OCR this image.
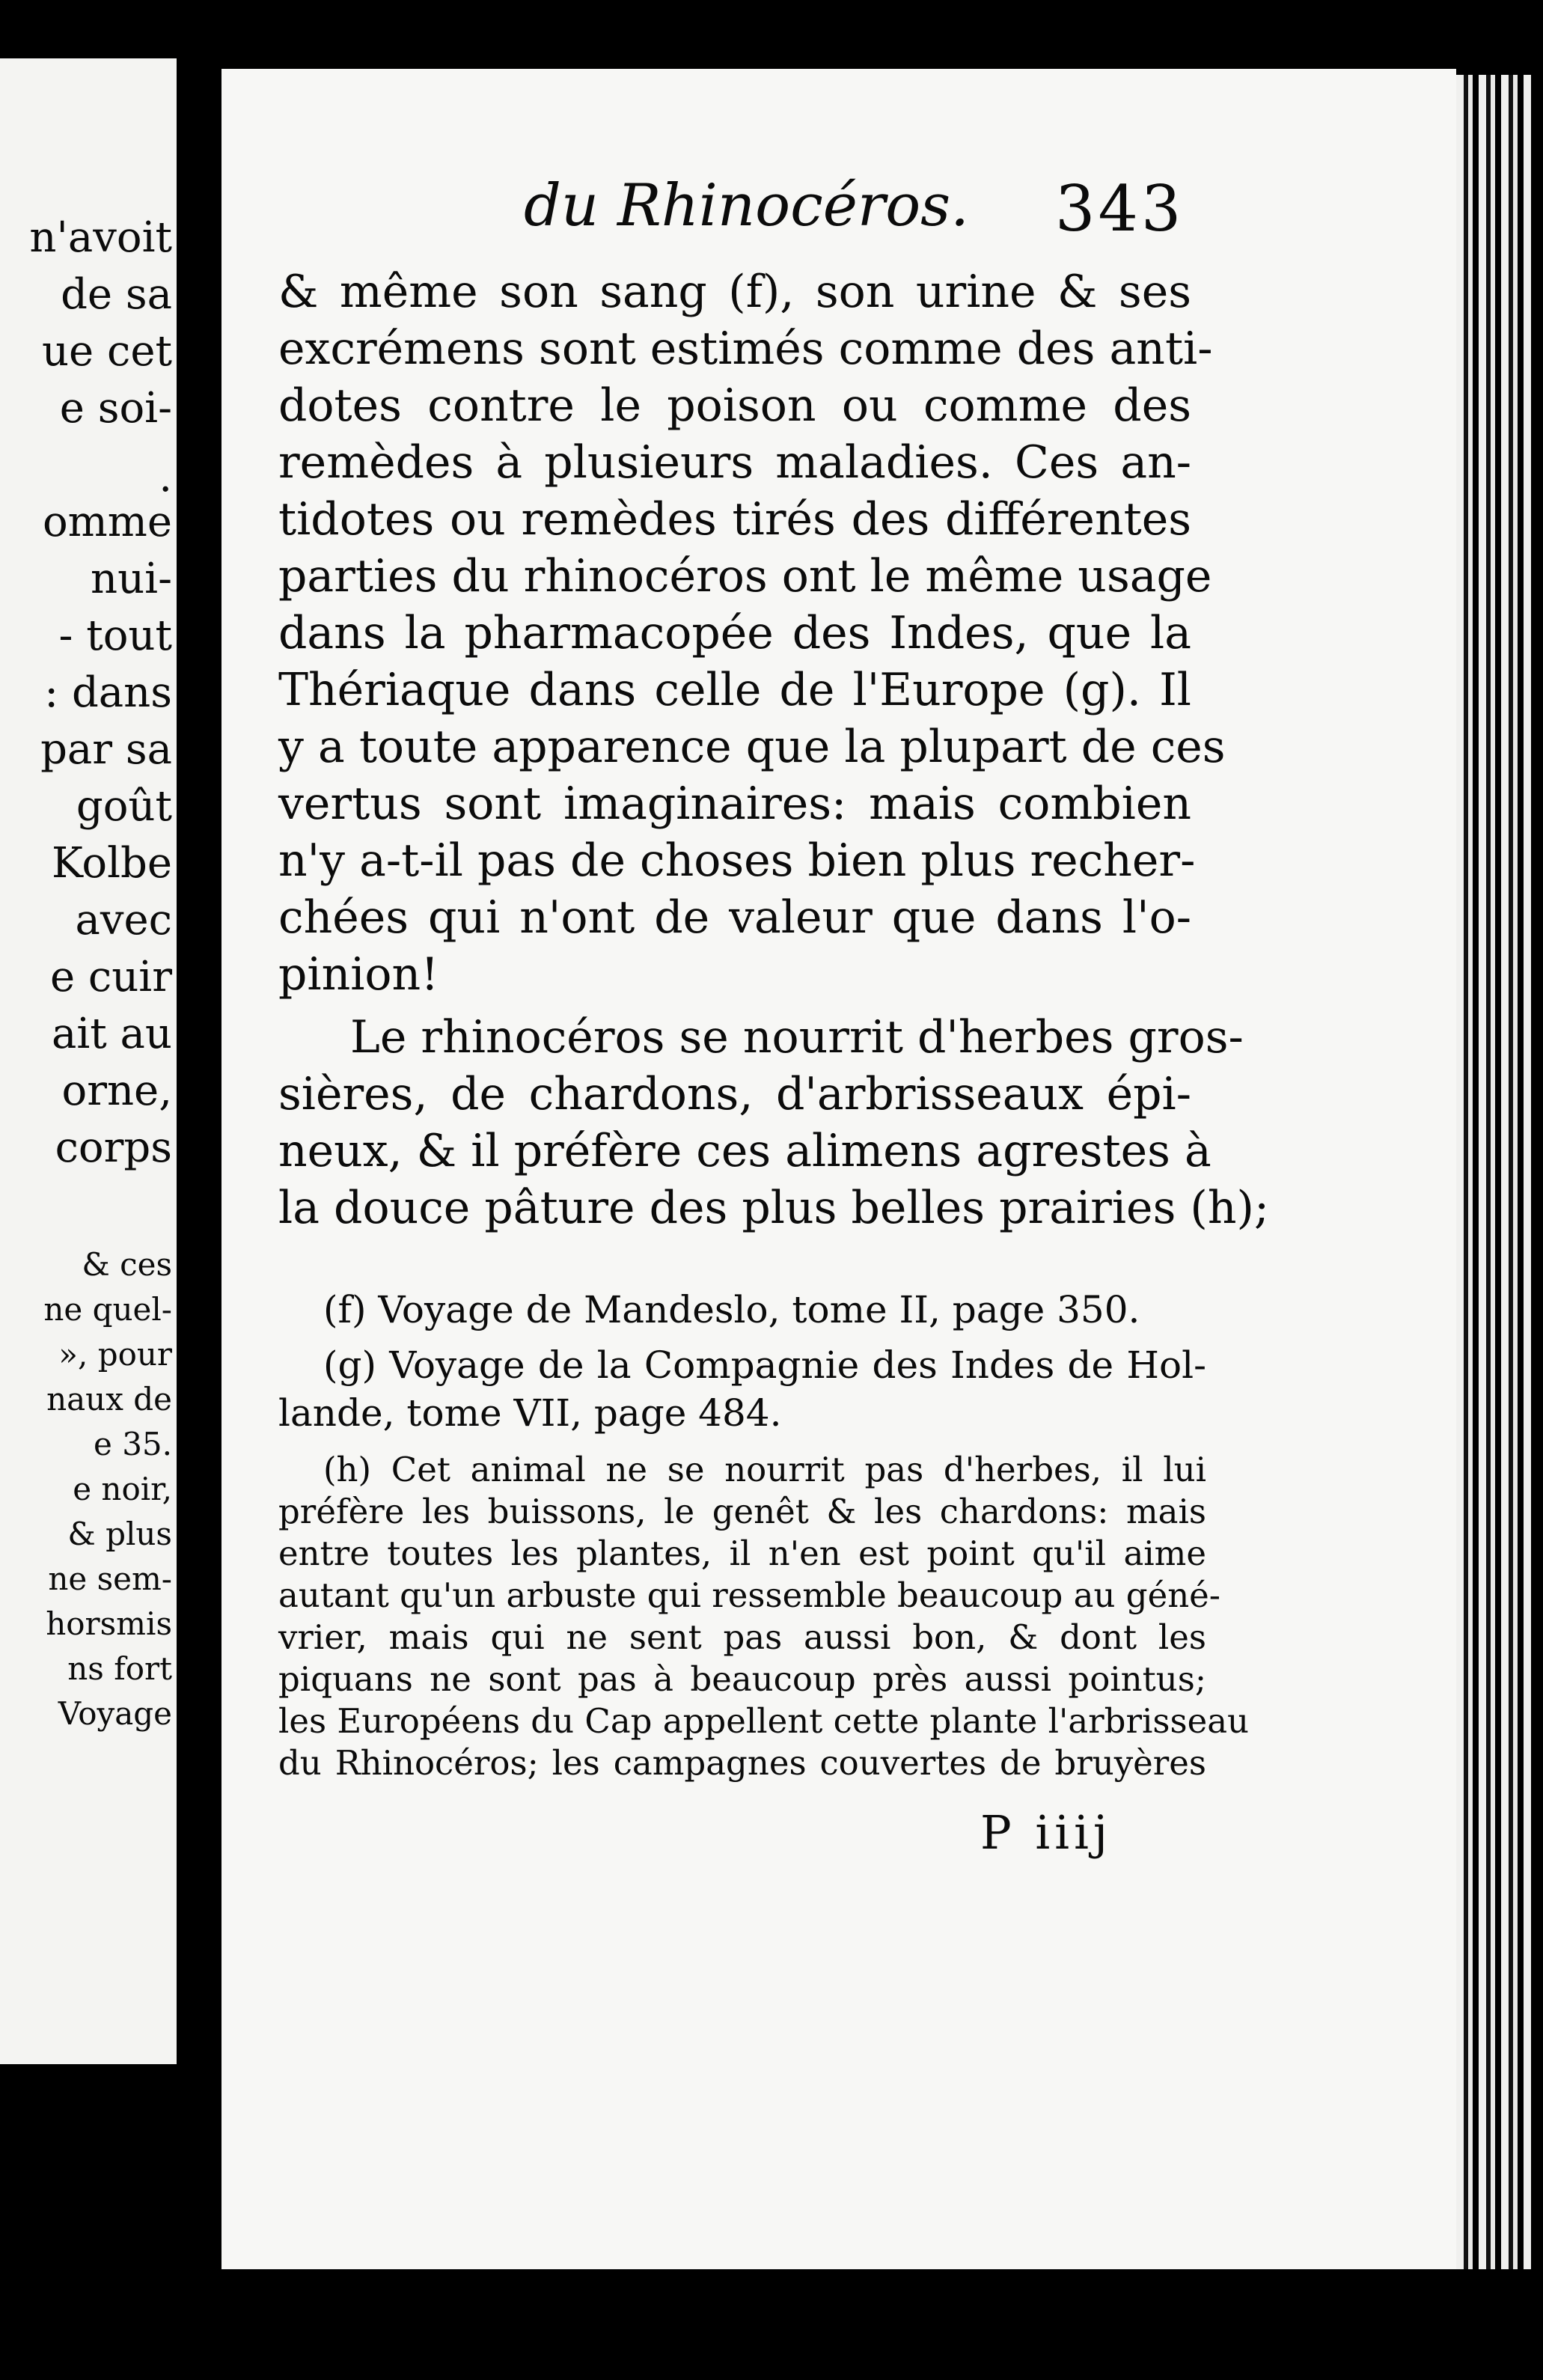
n'avoit
de sa
ue cet
e soi-
.
omme
nui-
- tout
: dans
par sa
goût
Kolbe
avec
e cuir
ait au
orne,
corps
& ces
ne quel-
», pour
naux de
e 35.
e noir,
& plus
ne sem-
horsmis
ns fort
Voyage
du Rhinocéros. 343
& même son sang (f), son urine & ses
excrémens sont estimés comme des anti-
dotes contre le poison ou comme des
remèdes à plusieurs maladies. Ces an-
tidotes ou remèdes tirés des différentes
parties du rhinocéros ont le même usage
dans la pharmacopée des Indes, que la
Thériaque dans celle de l'Europe (g). Il
y a toute apparence que la plupart de ces
vertus sont imaginaires: mais combien
n'y a-t-il pas de choses bien plus recher-
chées qui n'ont de valeur que dans l'o-
pinion!
Le rhinocéros se nourrit d'herbes gros-
sières, de chardons, d'arbrisseaux épi-
neux, & il préfère ces alimens agrestes à
la douce pâture des plus belles prairies (h);
(f) Voyage de Mandeslo, tome II, page 350.
(g) Voyage de la Compagnie des Indes de Hol-
lande, tome VII, page 484.
(h) Cet animal ne se nourrit pas d'herbes, il lui
préfère les buissons, le genêt & les chardons: mais
entre toutes les plantes, il n'en est point qu'il aime
autant qu'un arbuste qui ressemble beaucoup au géné-
vrier, mais qui ne sent pas aussi bon, & dont les
piquans ne sont pas à beaucoup près aussi pointus;
les Européens du Cap appellent cette plante l'arbrisseau
du Rhinocéros; les campagnes couvertes de bruyères
P iiij
